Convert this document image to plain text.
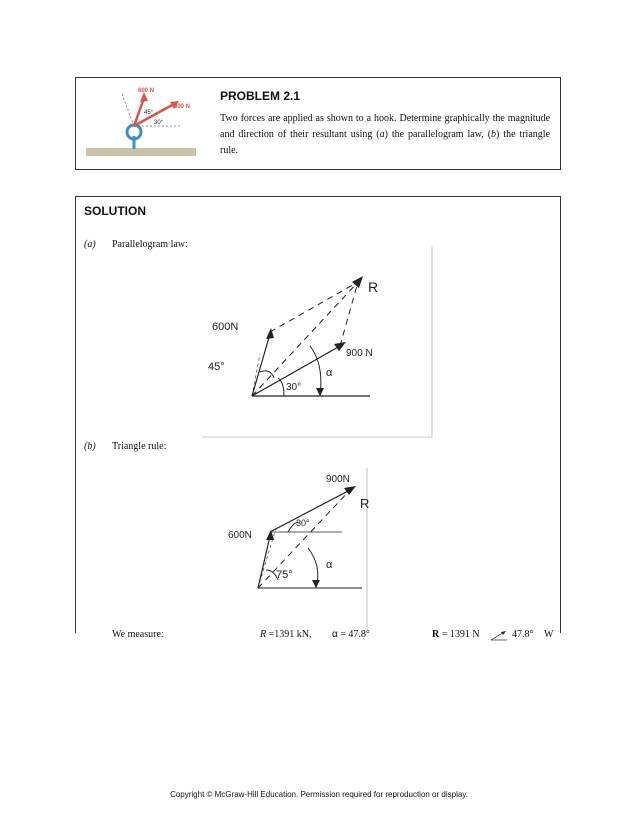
600 N
900 N
45°
30°
PROBLEM 2.1
Two forces are applied as shown to a hook. Determine graphically the magnitude and direction of their resultant using (a) the parallelogram law, (b) the triangle rule.
SOLUTION
(a) Parallelogram law:
600N
900 N
45°
30°
α
R
(b) Triangle rule:
600N
900N
30°
75°
α
R
We measure:	R =1391 kN, α = 47.8°	R = 1391 N	47.8° W
Copyright © McGraw-Hill Education. Permission required for reproduction or display.
